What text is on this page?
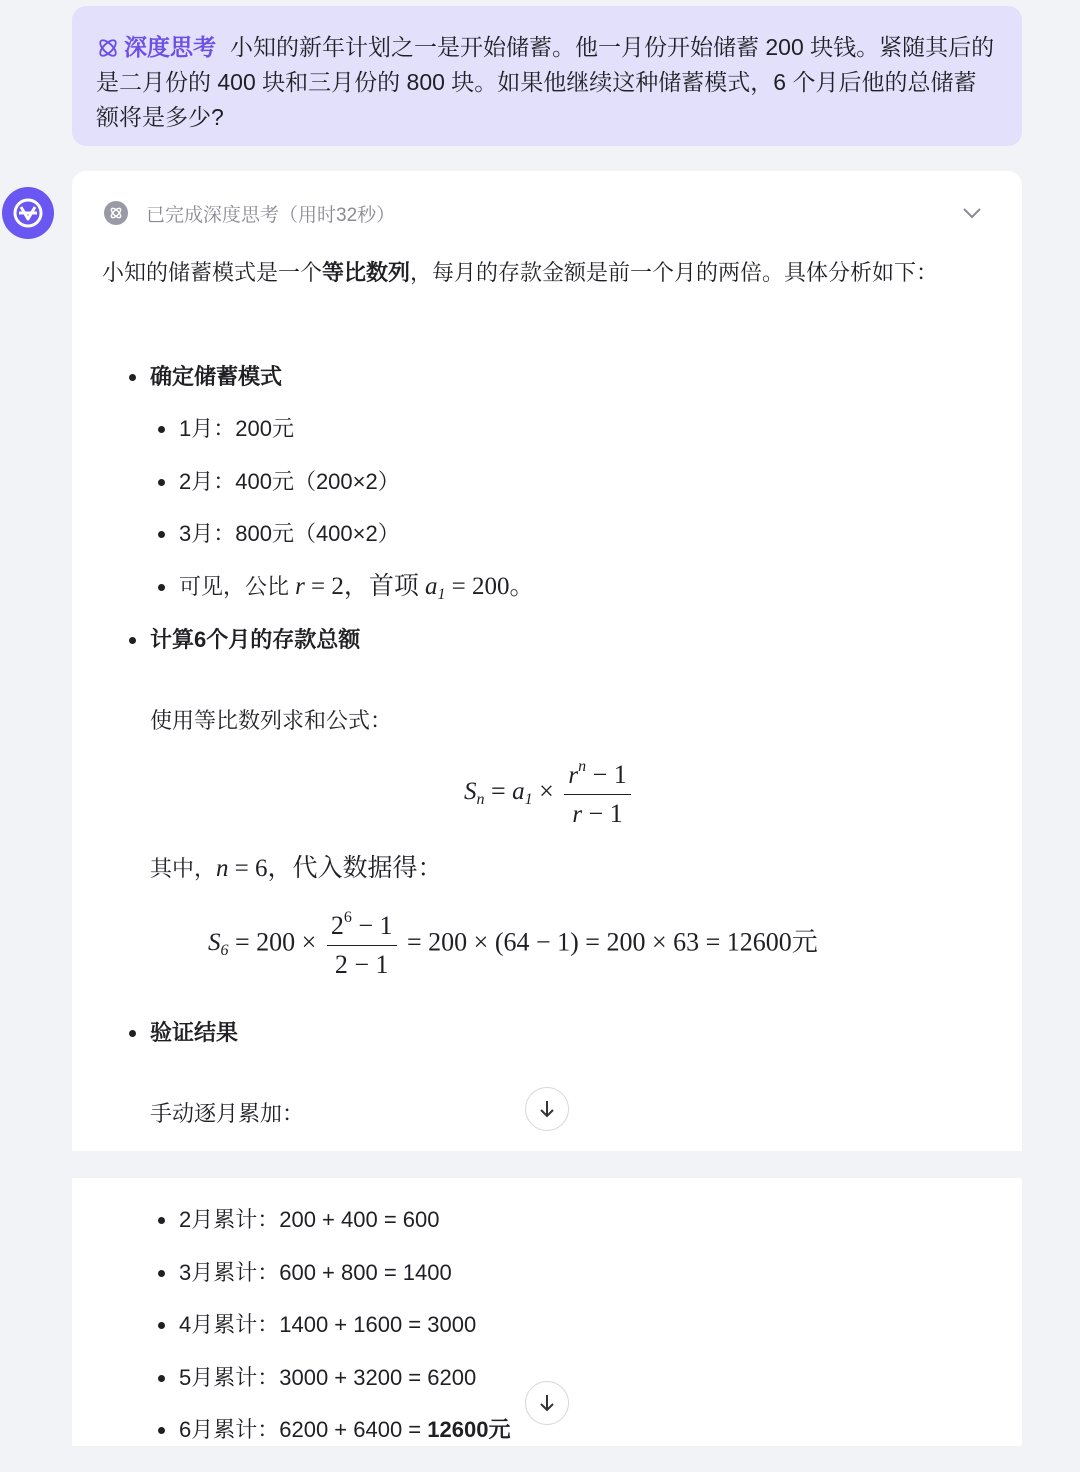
深度思考 小知的新年计划之一是开始储蓄。他一月份开始储蓄 200 块钱。紧随其后的是二月份的 400 块和三月份的 800 块。如果他继续这种储蓄模式，6 个月后他的总储蓄额将是多少?
已完成深度思考（用时32秒）
小知的储蓄模式是一个等比数列，每月的存款金额是前一个月的两倍。具体分析如下：
确定储蓄模式
1月：200元
2月：400元（200×2）
3月：800元（400×2）
可见，公比 r = 2，首项 $a_1 = 200$。
计算6个月的存款总额
使用等比数列求和公式：
$S_n = a_1 \times \frac{r^n - 1}{r - 1}$
其中，n = 6，代入数据得：
$S_6 = 200 \times \frac{2^6 - 1}{2 - 1} = 200 \times (64 - 1) = 200 \times 63 = 12600$元
验证结果
手动逐月累加：
2月累计：200 + 400 = 600
3月累计：600 + 800 = 1400
4月累计：1400 + 1600 = 3000
5月累计：3000 + 3200 = 6200
6月累计：6200 + 6400 = 12600元
